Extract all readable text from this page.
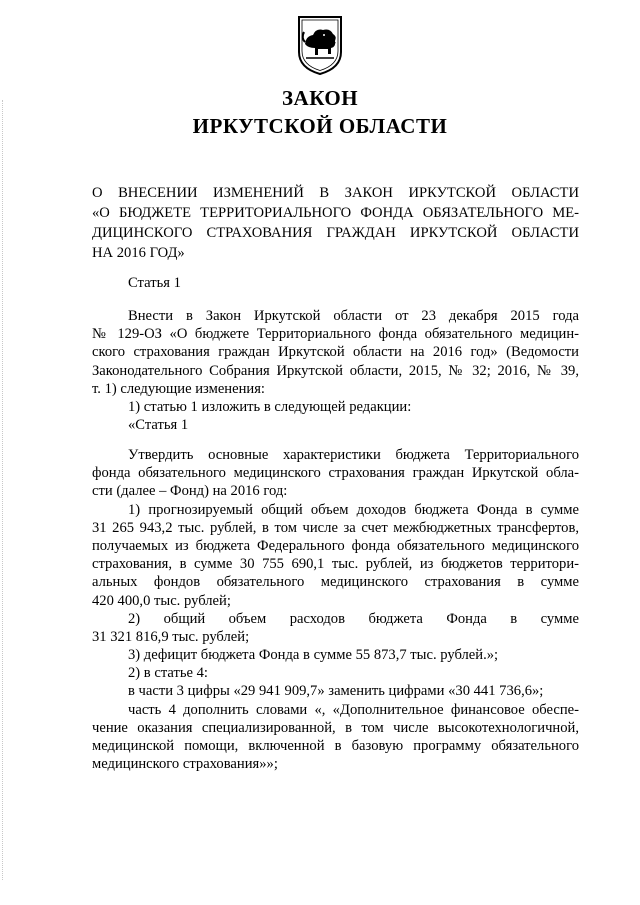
ЗАКОН
ИРКУТСКОЙ ОБЛАСТИ
О ВНЕСЕНИИ ИЗМЕНЕНИЙ В ЗАКОН ИРКУТСКОЙ ОБЛАСТИ
«О БЮДЖЕТЕ ТЕРРИТОРИАЛЬНОГО ФОНДА ОБЯЗАТЕЛЬНОГО МЕ-
ДИЦИНСКОГО СТРАХОВАНИЯ ГРАЖДАН ИРКУТСКОЙ ОБЛАСТИ
НА 2016 ГОД»
Статья 1
Внести в Закон Иркутской области от 23 декабря 2015 года
№ 129-ОЗ «О бюджете Территориального фонда обязательного медицин-
ского страхования граждан Иркутской области на 2016 год» (Ведомости
Законодательного Собрания Иркутской области, 2015, № 32; 2016, № 39,
т. 1) следующие изменения:
1) статью 1 изложить в следующей редакции:
«Статья 1
Утвердить основные характеристики бюджета Территориального
фонда обязательного медицинского страхования граждан Иркутской обла-
сти (далее – Фонд) на 2016 год:
1) прогнозируемый общий объем доходов бюджета Фонда в сумме
31 265 943,2 тыс. рублей, в том числе за счет межбюджетных трансфертов,
получаемых из бюджета Федерального фонда обязательного медицинского
страхования, в сумме 30 755 690,1 тыс. рублей, из бюджетов территори-
альных фондов обязательного медицинского страхования в сумме
420 400,0 тыс. рублей;
2) общий объем расходов бюджета Фонда в сумме
31 321 816,9 тыс. рублей;
3) дефицит бюджета Фонда в сумме 55 873,7 тыс. рублей.»;
2) в статье 4:
в части 3 цифры «29 941 909,7» заменить цифрами «30 441 736,6»;
часть 4 дополнить словами «, «Дополнительное финансовое обеспе-
чение оказания специализированной, в том числе высокотехнологичной,
медицинской помощи, включенной в базовую программу обязательного
медицинского страхования»»;
